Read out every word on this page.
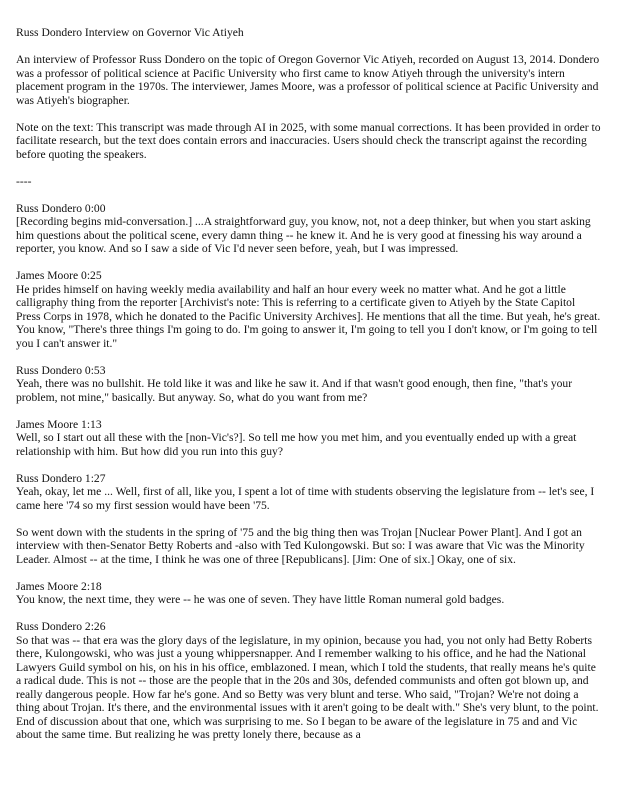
Russ Dondero Interview on Governor Vic Atiyeh

An interview of Professor Russ Dondero on the topic of Oregon Governor Vic Atiyeh, recorded on August 13, 2014. Dondero was a professor of political science at Pacific University who first came to know Atiyeh through the university's intern placement program in the 1970s. The interviewer, James Moore, was a professor of political science at Pacific University and was Atiyeh's biographer.

Note on the text: This transcript was made through AI in 2025, with some manual corrections. It has been provided in order to facilitate research, but the text does contain errors and inaccuracies. Users should check the transcript against the recording before quoting the speakers.

----

Russ Dondero 0:00
[Recording begins mid-conversation.] ...A straightforward guy, you know, not, not a deep thinker, but when you start asking him questions about the political scene, every damn thing -- he knew it. And he is very good at finessing his way around a reporter, you know. And so I saw a side of Vic I'd never seen before, yeah, but I was impressed.

James Moore 0:25
He prides himself on having weekly media availability and half an hour every week no matter what. And he got a little calligraphy thing from the reporter [Archivist's note: This is referring to a certificate given to Atiyeh by the State Capitol Press Corps in 1978, which he donated to the Pacific University Archives]. He mentions that all the time. But yeah, he's great. You know, "There's three things I'm going to do. I'm going to answer it, I'm going to tell you I don't know, or I'm going to tell you I can't answer it."

Russ Dondero 0:53
Yeah, there was no bullshit. He told like it was and like he saw it. And if that wasn't good enough, then fine, "that's your problem, not mine," basically. But anyway. So, what do you want from me?

James Moore 1:13
Well, so I start out all these with the [non-Vic's?]. So tell me how you met him, and you eventually ended up with a great relationship with him. But how did you run into this guy?

Russ Dondero 1:27
Yeah, okay, let me ... Well, first of all, like you, I spent a lot of time with students observing the legislature from -- let's see, I came here '74 so my first session would have been '75.

So went down with the students in the spring of '75 and the big thing then was Trojan [Nuclear Power Plant]. And I got an interview with then-Senator Betty Roberts and -also with Ted Kulongowski. But so: I was aware that Vic was the Minority Leader. Almost -- at the time, I think he was one of three [Republicans]. [Jim: One of six.] Okay, one of six.

James Moore 2:18
You know, the next time, they were -- he was one of seven. They have little Roman numeral gold badges.

Russ Dondero 2:26
So that was -- that era was the glory days of the legislature, in my opinion, because you had, you not only had Betty Roberts there, Kulongowski, who was just a young whippersnapper. And I remember walking to his office, and he had the National Lawyers Guild symbol on his, on his in his office, emblazoned. I mean, which I told the students, that really means he's quite a radical dude. This is not -- those are the people that in the 20s and 30s, defended communists and often got blown up, and really dangerous people. How far he's gone. And so Betty was very blunt and terse. Who said, "Trojan? We're not doing a thing about Trojan. It's there, and the environmental issues with it aren't going to be dealt with." She's very blunt, to the point. End of discussion about that one, which was surprising to me. So I began to be aware of the legislature in 75 and and Vic about the same time. But realizing he was pretty lonely there, because as a
